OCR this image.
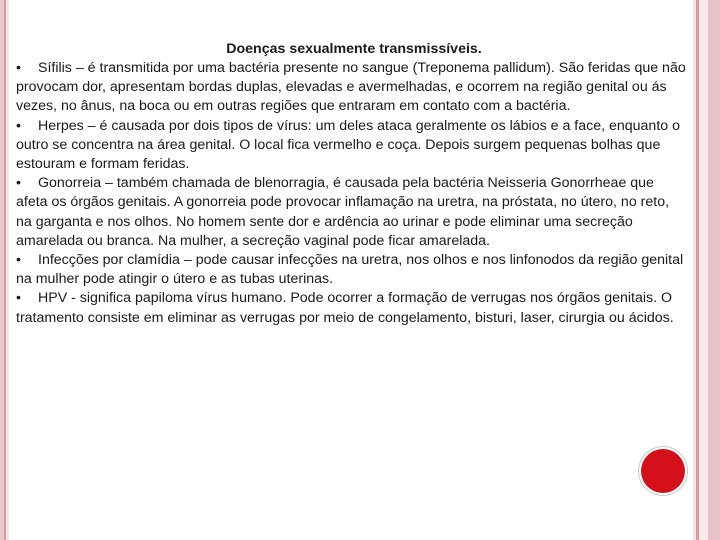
Doenças sexualmente transmissíveis.

• Sífilis – é transmitida por uma bactéria presente no sangue (Treponema pallidum). São feridas que não provocam dor, apresentam bordas duplas, elevadas e avermelhadas, e ocorrem na região genital ou ás vezes, no ânus, na boca ou em outras regiões que entraram em contato com a bactéria.

• Herpes – é causada por dois tipos de vírus: um deles ataca geralmente os lábios e a face, enquanto o outro se concentra na área genital. O local fica vermelho e coça. Depois surgem pequenas bolhas que estouram e formam feridas.

• Gonorreia – também chamada de blenorragia, é causada pela bactéria Neisseria Gonorrheae que afeta os órgãos genitais. A gonorreia pode provocar inflamação na uretra, na próstata, no útero, no reto, na garganta e nos olhos. No homem sente dor e ardência ao urinar e pode eliminar uma secreção amarelada ou branca. Na mulher, a secreção vaginal pode ficar amarelada.

• Infecções por clamídia – pode causar infecções na uretra, nos olhos e nos linfonodos da região genital na mulher pode atingir o útero e as tubas uterinas.

• HPV - significa papiloma vírus humano. Pode ocorrer a formação de verrugas nos órgãos genitais. O tratamento consiste em eliminar as verrugas por meio de congelamento, bisturi, laser, cirurgia ou ácidos.
